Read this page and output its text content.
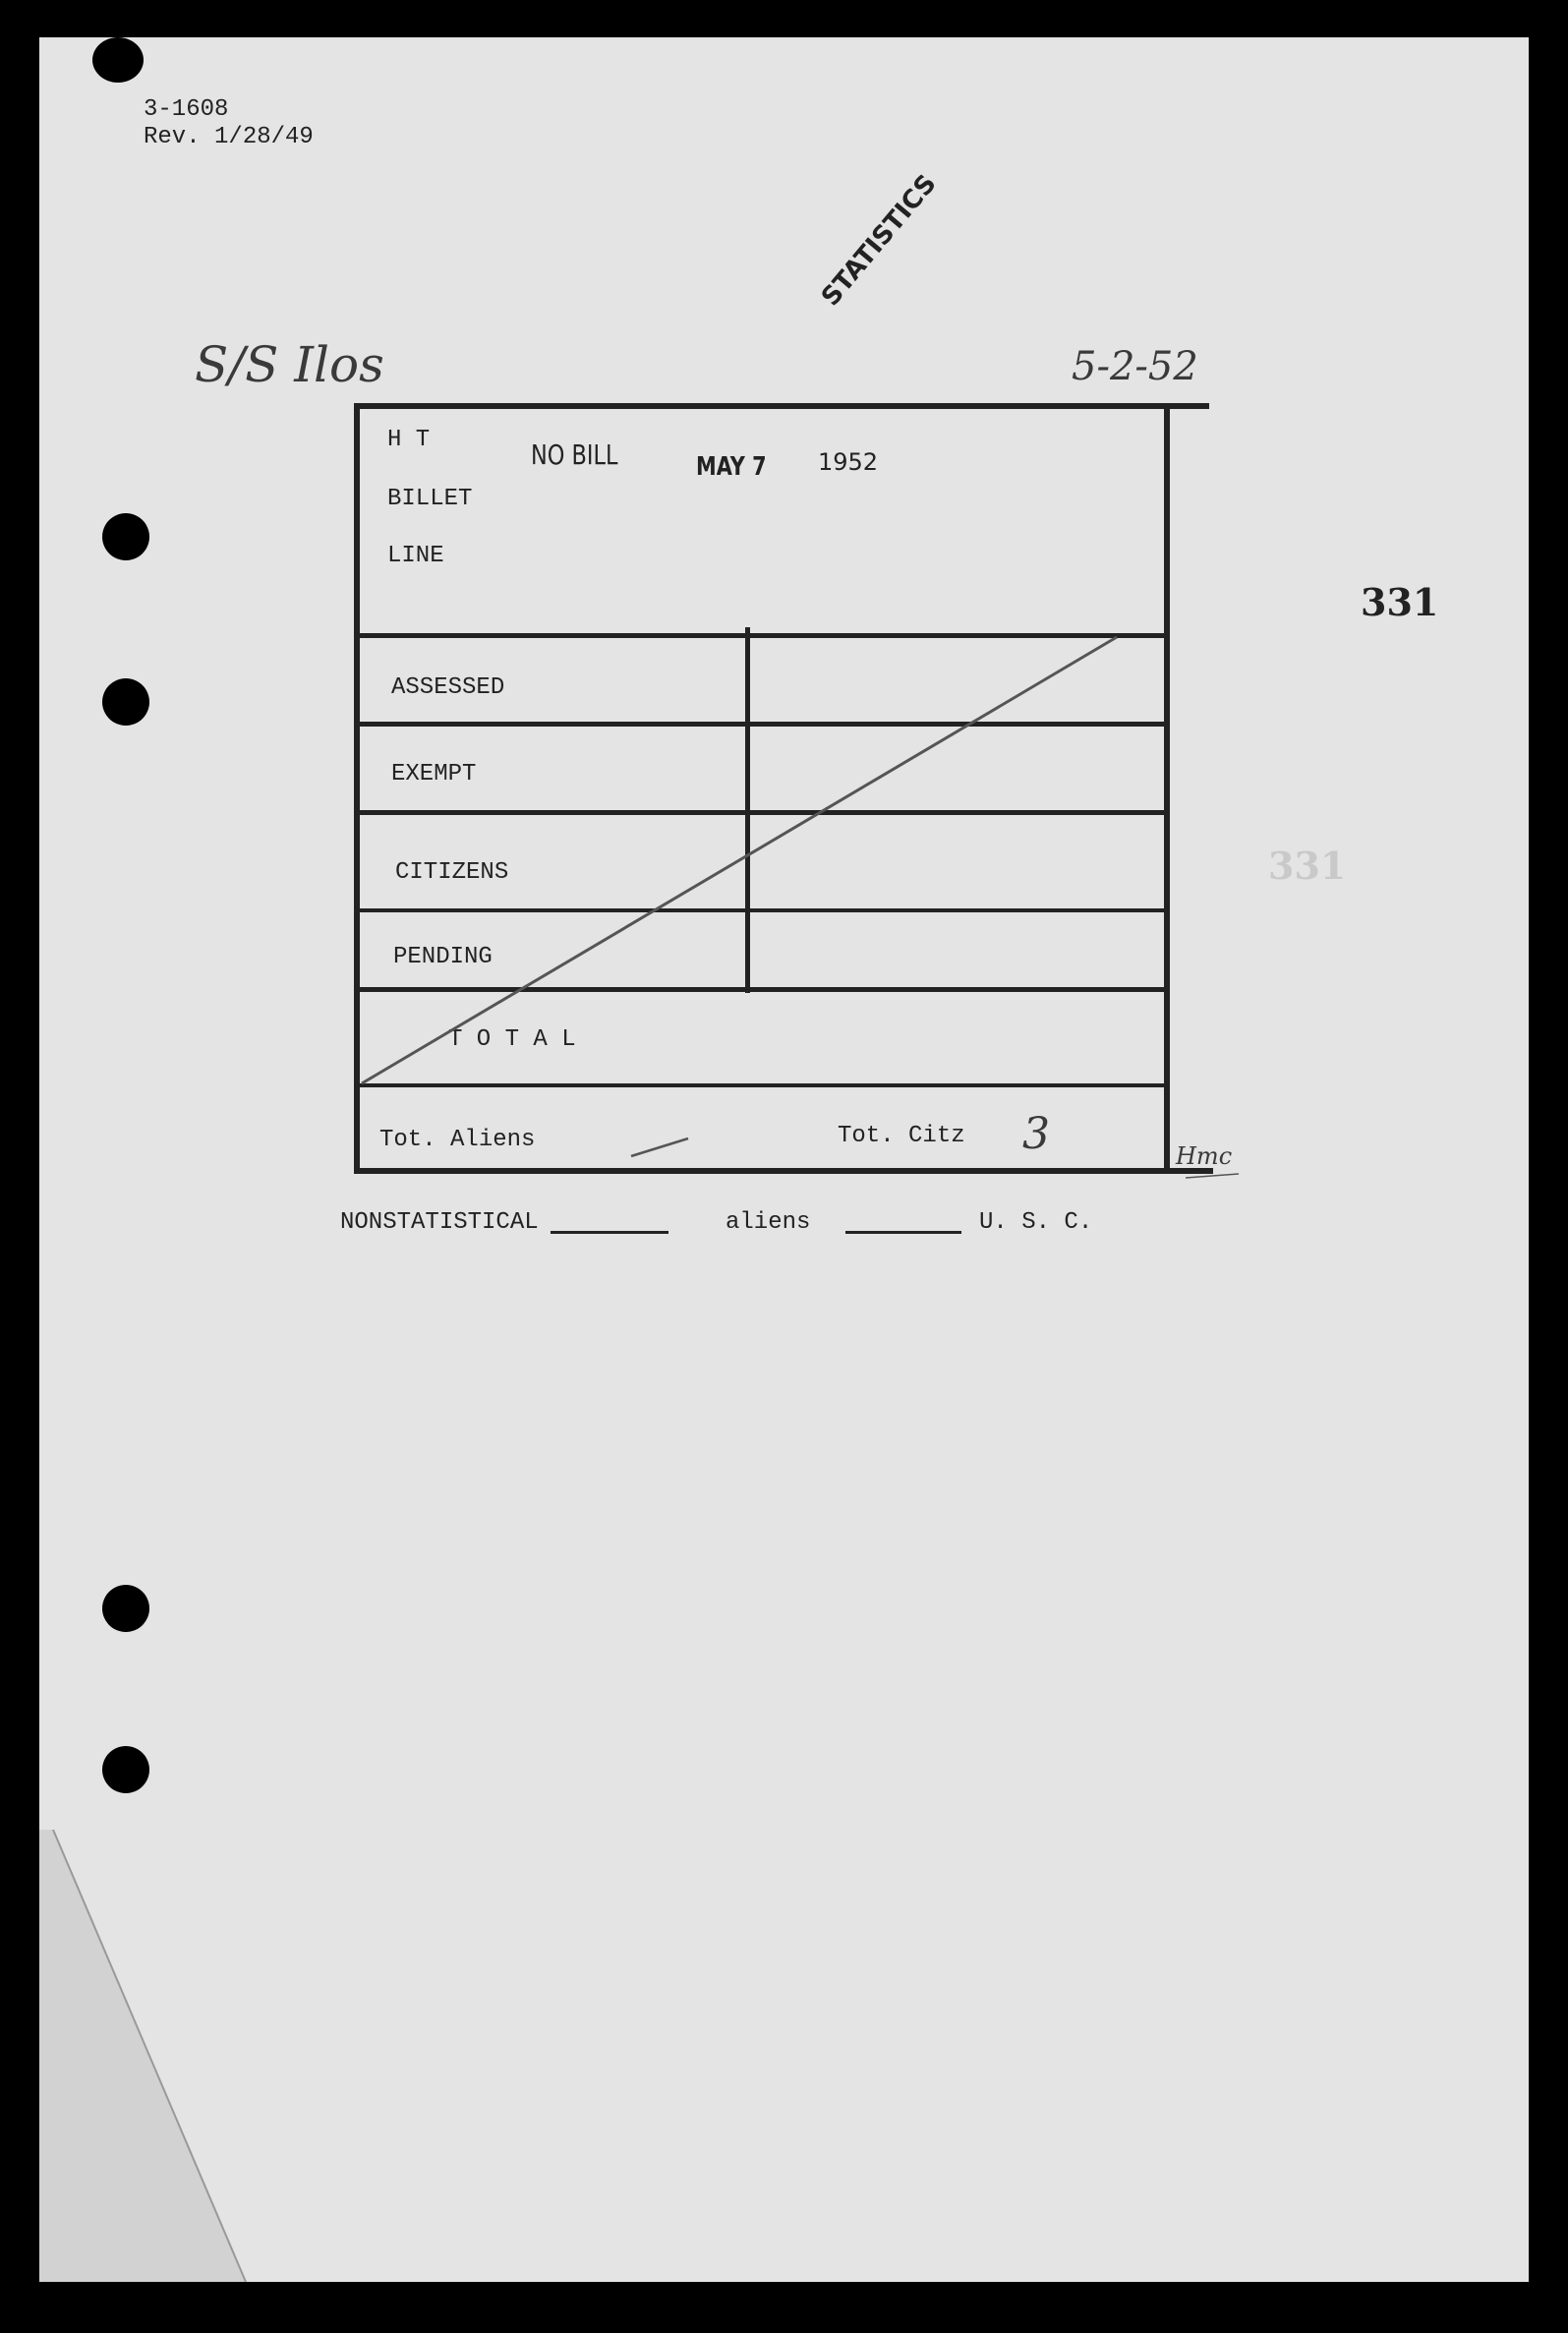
3-1608
Rev. 1/28/49
S/S Ilos
STATISTICS
5-2-52
331
331
H T
BILLET
LINE
NO BILL	MAY 7 1952
ASSESSED
EXEMPT
CITIZENS
PENDING
T O T A L
Tot. Aliens	Tot. Citz 3	Hmc
NONSTATISTICAL	aliens	U. S. C.
